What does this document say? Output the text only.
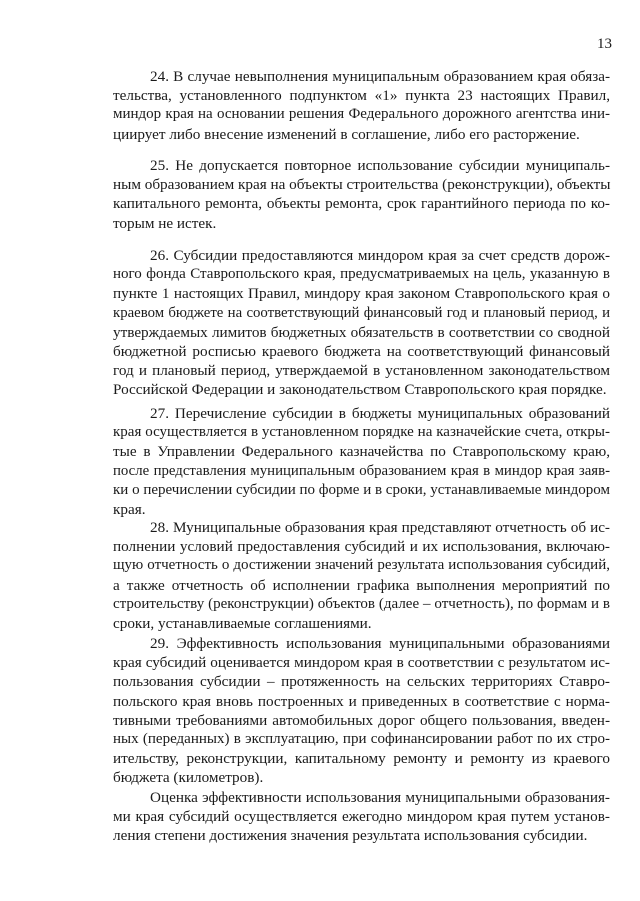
13
24. В случае невыполнения муниципальным образованием края обяза-
тельства, установленного подпунктом «1» пункта 23 настоящих Правил,
миндор края на основании решения Федерального дорожного агентства ини-
циирует либо внесение изменений в соглашение, либо его расторжение.
25. Не допускается повторное использование субсидии муниципаль-
ным образованием края на объекты строительства (реконструкции), объекты
капитального ремонта, объекты ремонта, срок гарантийного периода по ко-
торым не истек.
26. Субсидии предоставляются миндором края за счет средств дорож-
ного фонда Ставропольского края, предусматриваемых на цель, указанную в
пункте 1 настоящих Правил, миндору края законом Ставропольского края о
краевом бюджете на соответствующий финансовый год и плановый период, и
утверждаемых лимитов бюджетных обязательств в соответствии со сводной
бюджетной росписью краевого бюджета на соответствующий финансовый
год и плановый период, утверждаемой в установленном законодательством
Российской Федерации и законодательством Ставропольского края порядке.
27. Перечисление субсидии в бюджеты муниципальных образований
края осуществляется в установленном порядке на казначейские счета, откры-
тые в Управлении Федерального казначейства по Ставропольскому краю,
после представления муниципальным образованием края в миндор края заяв-
ки о перечислении субсидии по форме и в сроки, устанавливаемые миндором
края.
28. Муниципальные образования края представляют отчетность об ис-
полнении условий предоставления субсидий и их использования, включаю-
щую отчетность о достижении значений результата использования субсидий,
а также отчетность об исполнении графика выполнения мероприятий по
строительству (реконструкции) объектов (далее – отчетность), по формам и в
сроки, устанавливаемые соглашениями.
29. Эффективность использования муниципальными образованиями
края субсидий оценивается миндором края в соответствии с результатом ис-
пользования субсидии – протяженность на сельских территориях Ставро-
польского края вновь построенных и приведенных в соответствие с норма-
тивными требованиями автомобильных дорог общего пользования, введен-
ных (переданных) в эксплуатацию, при софинансировании работ по их стро-
ительству, реконструкции, капитальному ремонту и ремонту из краевого
бюджета (километров).
Оценка эффективности использования муниципальными образования-
ми края субсидий осуществляется ежегодно миндором края путем установ-
ления степени достижения значения результата использования субсидии.
